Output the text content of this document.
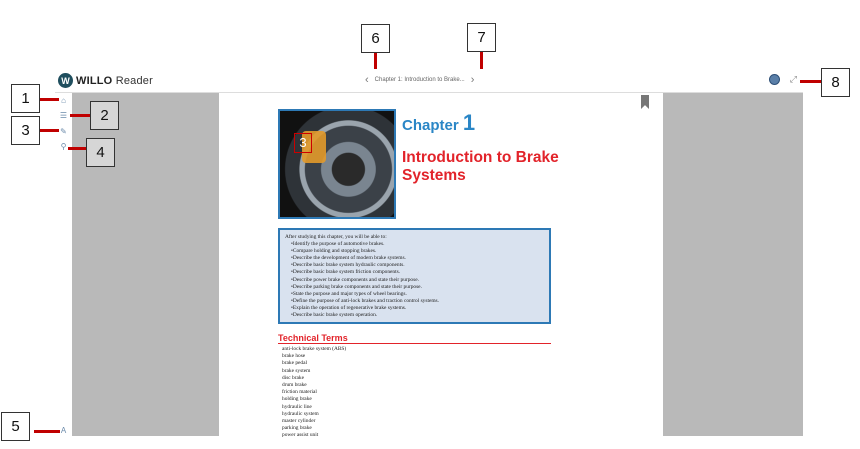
W WILLO Reader	‹ Chapter 1: Introduction to Brake... ›	⤢
⌂
☰
✎
⚲
A
3
Chapter 1
Introduction to Brake Systems
After studying this chapter, you will be able to:
• Identify the purpose of automotive brakes.
• Compare holding and stopping brakes.
• Describe the development of modern brake systems.
• Describe basic brake system hydraulic components.
• Describe basic brake system friction components.
• Describe power brake components and state their purpose.
• Describe parking brake components and state their purpose.
• State the purpose and major types of wheel bearings.
• Define the purpose of anti-lock brakes and traction control systems.
• Explain the operation of regenerative brake systems.
• Describe basic brake system operation.
Technical Terms
anti-lock brake system (ABS)
brake hose
brake pedal
brake system
disc brake
drum brake
friction material
holding brake
hydraulic line
hydraulic system
master cylinder
parking brake
power assist unit
1
2
3
4
5
6	7
8
